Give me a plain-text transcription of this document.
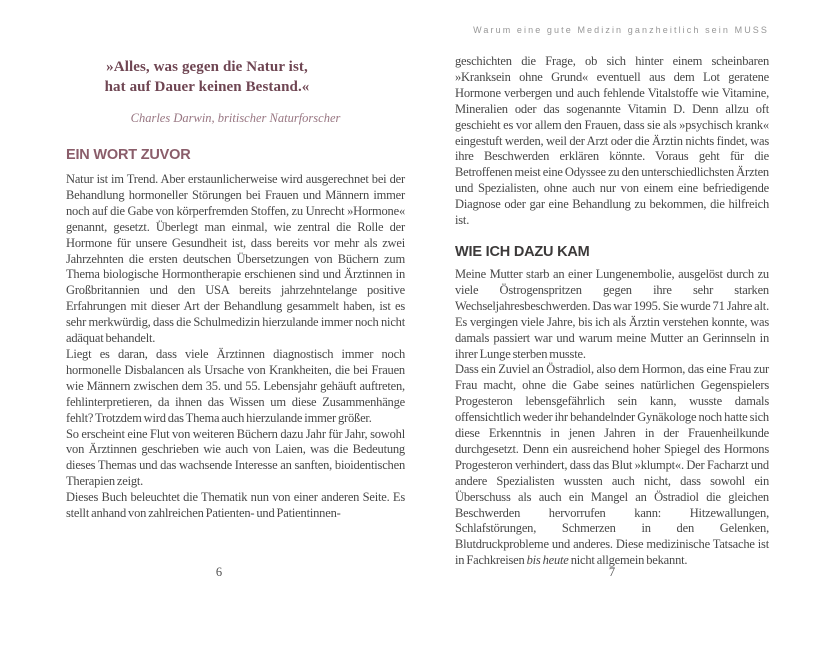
»Alles, was gegen die Natur ist,
hat auf Dauer keinen Bestand.«
Charles Darwin, britischer Naturforscher
EIN WORT ZUVOR
Natur ist im Trend. Aber erstaunlicherweise wird ausgerechnet bei der Behandlung hormoneller Störungen bei Frauen und Männern immer noch auf die Gabe von körperfremden Stoffen, zu Unrecht »Hormone« genannt, gesetzt. Überlegt man einmal, wie zentral die Rolle der Hormone für unsere Gesundheit ist, dass bereits vor mehr als zwei Jahrzehnten die ersten deutschen Übersetzungen von Büchern zum Thema biologische Hormontherapie erschienen sind und Ärztinnen in Großbritannien und den USA bereits jahrzehntelange positive Erfahrungen mit dieser Art der Behandlung gesammelt haben, ist es sehr merkwürdig, dass die Schulmedizin hierzulande immer noch nicht adäquat behandelt.
Liegt es daran, dass viele Ärztinnen diagnostisch immer noch hormonelle Disbalancen als Ursache von Krankheiten, die bei Frauen wie Männern zwischen dem 35. und 55. Lebensjahr gehäuft auftreten, fehlinterpretieren, da ihnen das Wissen um diese Zusammenhänge fehlt? Trotzdem wird das Thema auch hierzulande immer größer.
So erscheint eine Flut von weiteren Büchern dazu Jahr für Jahr, sowohl von Ärztinnen geschrieben wie auch von Laien, was die Bedeutung dieses Themas und das wachsende Interesse an sanften, bioidentischen Therapien zeigt.
Dieses Buch beleuchtet die Thematik nun von einer anderen Seite. Es stellt anhand von zahlreichen Patienten- und Patientinnen-
6
Warum eine gute Medizin ganzheitlich sein MUSS
geschichten die Frage, ob sich hinter einem scheinbaren »Kranksein ohne Grund« eventuell aus dem Lot geratene Hormone verbergen und auch fehlende Vitalstoffe wie Vitamine, Mineralien oder das sogenannte Vitamin D. Denn allzu oft geschieht es vor allem den Frauen, dass sie als »psychisch krank« eingestuft werden, weil der Arzt oder die Ärztin nichts findet, was ihre Beschwerden erklären könnte. Voraus geht für die Betroffenen meist eine Odyssee zu den unterschiedlichsten Ärzten und Spezialisten, ohne auch nur von einem eine befriedigende Diagnose oder gar eine Behandlung zu bekommen, die hilfreich ist.
WIE ICH DAZU KAM
Meine Mutter starb an einer Lungenembolie, ausgelöst durch zu viele Östrogenspritzen gegen ihre sehr starken Wechseljahresbeschwerden. Das war 1995. Sie wurde 71 Jahre alt. Es vergingen viele Jahre, bis ich als Ärztin verstehen konnte, was damals passiert war und warum meine Mutter an Gerinnseln in ihrer Lunge sterben musste.
Dass ein Zuviel an Östradiol, also dem Hormon, das eine Frau zur Frau macht, ohne die Gabe seines natürlichen Gegenspielers Progesteron lebensgefährlich sein kann, wusste damals offensichtlich weder ihr behandelnder Gynäkologe noch hatte sich diese Erkenntnis in jenen Jahren in der Frauenheilkunde durchgesetzt. Denn ein ausreichend hoher Spiegel des Hormons Progesteron verhindert, dass das Blut »klumpt«. Der Facharzt und andere Spezialisten wussten auch nicht, dass sowohl ein Überschuss als auch ein Mangel an Östradiol die gleichen Beschwerden hervorrufen kann: Hitzewallungen, Schlafstörungen, Schmerzen in den Gelenken, Blutdruckprobleme und anderes. Diese medizinische Tatsache ist in Fachkreisen bis heute nicht allgemein bekannt.
7
